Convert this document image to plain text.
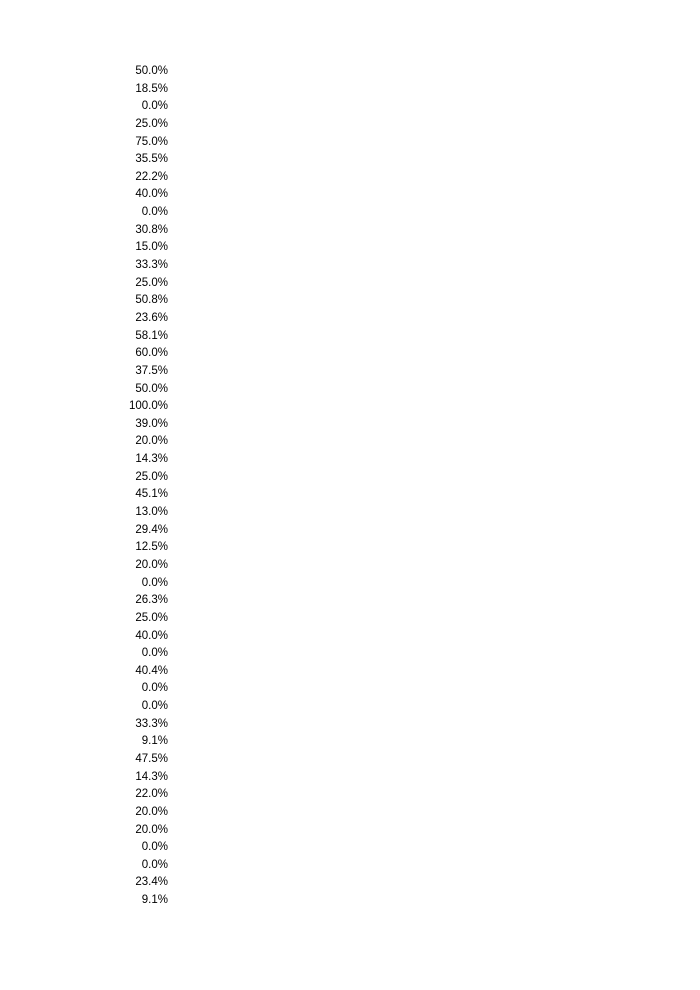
50.0%
18.5%
0.0%
25.0%
75.0%
35.5%
22.2%
40.0%
0.0%
30.8%
15.0%
33.3%
25.0%
50.8%
23.6%
58.1%
60.0%
37.5%
50.0%
100.0%
39.0%
20.0%
14.3%
25.0%
45.1%
13.0%
29.4%
12.5%
20.0%
0.0%
26.3%
25.0%
40.0%
0.0%
40.4%
0.0%
0.0%
33.3%
9.1%
47.5%
14.3%
22.0%
20.0%
20.0%
0.0%
0.0%
23.4%
9.1%
